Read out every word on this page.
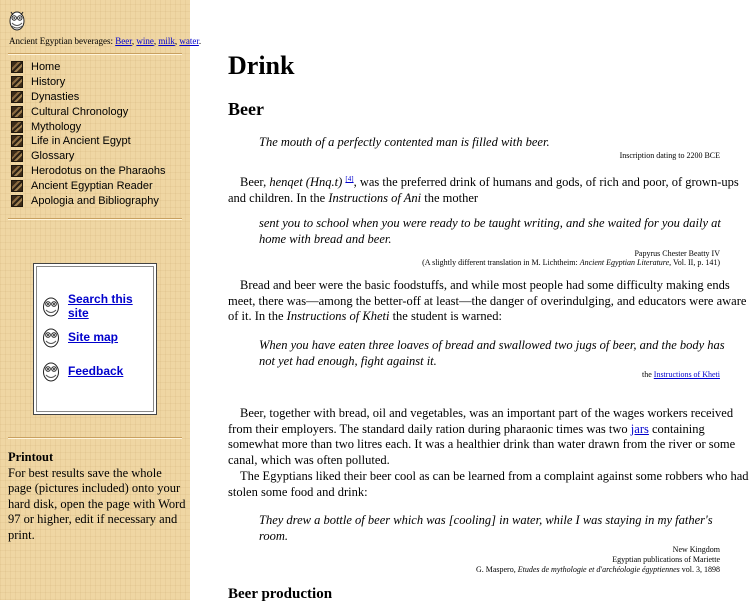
Ancient Egyptian beverages: Beer, wine, milk, water.
Home
History
Dynasties
Cultural Chronology
Mythology
Life in Ancient Egypt
Glossary
Herodotus on the Pharaohs
Ancient Egyptian Reader
Apologia and Bibliography
Search this site
Site map
Feedback
Printout
For best results save the whole page (pictures included) onto your hard disk, open the page with Word 97 or higher, edit if necessary and print.
Drink
Beer
The mouth of a perfectly contented man is filled with beer.
Inscription dating to 2200 BCE
Beer, henqet (Hnq.t) [4], was the preferred drink of humans and gods, of rich and poor, of grown-ups and children. In the Instructions of Ani the mother
sent you to school when you were ready to be taught writing, and she waited for you daily at home with bread and beer.
Papyrus Chester Beatty IV
(A slightly different translation in M. Lichtheim: Ancient Egyptian Literature, Vol. II, p. 141)
Bread and beer were the basic foodstuffs, and while most people had some difficulty making ends meet, there was—among the better-off at least—the danger of overindulging, and educators were aware of it. In the Instructions of Kheti the student is warned:
When you have eaten three loaves of bread and swallowed two jugs of beer, and the body has not yet had enough, fight against it.
the Instructions of Kheti
Beer, together with bread, oil and vegetables, was an important part of the wages workers received from their employers. The standard daily ration during pharaonic times was two jars containing somewhat more than two litres each. It was a healthier drink than water drawn from the river or some canal, which was often polluted.
The Egyptians liked their beer cool as can be learned from a complaint against some robbers who had stolen some food and drink:
They drew a bottle of beer which was [cooling] in water, while I was staying in my father's room.
New Kingdom
Egyptian publications of Mariette
G. Maspero, Etudes de mythologie et d'archéologie égyptiennes vol. 3, 1898
Beer production
